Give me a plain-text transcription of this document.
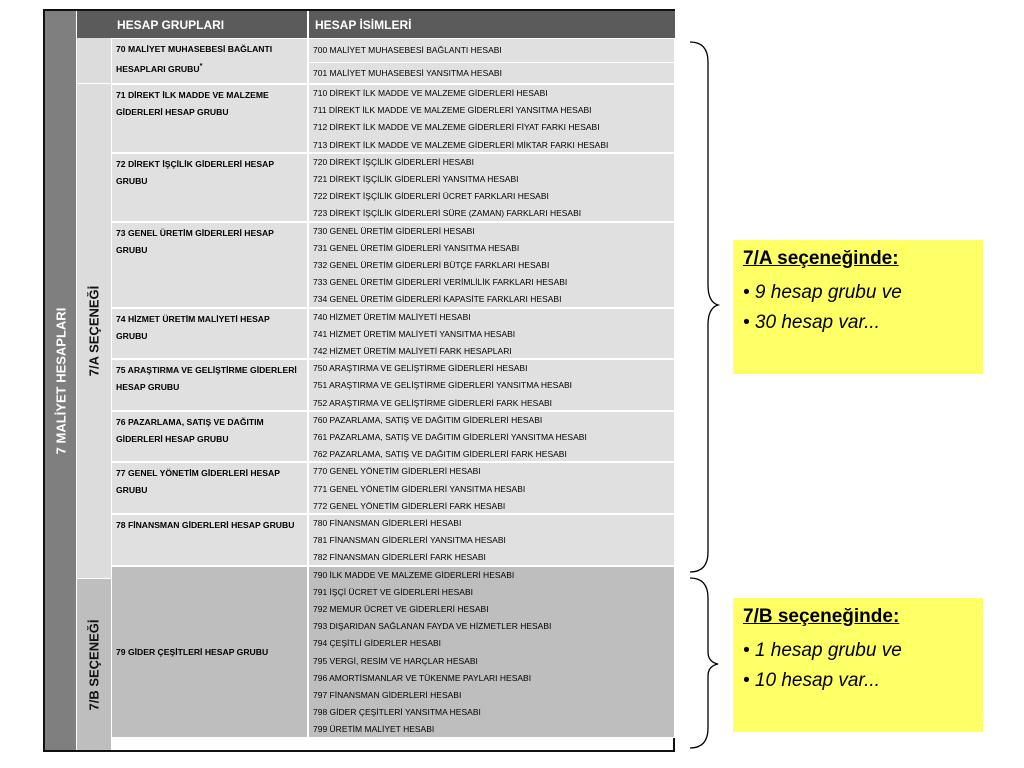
HESAP GRUPLARI	HESAP İSİMLERİ
7 MALİYET HESAPLARI 7/A SEÇENEĞİ
7/B SEÇENEĞİ
70 MALİYET MUHASEBESİ BAĞLANTI HESAPLARI GRUBU*
700 MALİYET MUHASEBESİ BAĞLANTI HESABI
701 MALİYET MUHASEBESİ YANSITMA HESABI
71 DİREKT İLK MADDE VE MALZEME GİDERLERİ HESAP GRUBU
710 DİREKT İLK MADDE VE MALZEME GİDERLERİ HESABI
711 DİREKT İLK MADDE VE MALZEME GİDERLERİ YANSITMA HESABI
712 DİREKT İLK MADDE VE MALZEME GİDERLERİ FİYAT FARKI HESABI
713 DİREKT İLK MADDE VE MALZEME GİDERLERİ MİKTAR FARKI HESABI
72 DİREKT İŞÇİLİK GİDERLERİ HESAP GRUBU
720 DİREKT İŞÇİLİK GİDERLERİ HESABI
721 DİREKT İŞÇİLİK GİDERLERİ YANSITMA HESABI
722 DİREKT İŞÇİLİK GİDERLERİ ÜCRET FARKLARI HESABI
723 DİREKT İŞÇİLİK GİDERLERİ SÜRE (ZAMAN) FARKLARI HESABI
73 GENEL ÜRETİM GİDERLERİ HESAP GRUBU
730 GENEL ÜRETİM GİDERLERİ HESABI
731 GENEL ÜRETİM GİDERLERİ YANSITMA HESABI
732 GENEL ÜRETİM GİDERLERİ BÜTÇE FARKLARI HESABI
733 GENEL ÜRETİM GİDERLERİ VERİMLİLİK FARKLARI HESABI
734 GENEL ÜRETİM GİDERLERİ KAPASİTE FARKLARI HESABI
74 HİZMET ÜRETİM MALİYETİ HESAP GRUBU
740 HİZMET ÜRETİM MALİYETİ HESABI
741 HİZMET ÜRETİM MALİYETİ YANSITMA HESABI
742 HİZMET ÜRETİM MALİYETİ FARK HESAPLARI
75 ARAŞTIRMA VE GELİŞTİRME GİDERLERİ HESAP GRUBU
750 ARAŞTIRMA VE GELİŞTİRME GİDERLERİ HESABI
751 ARAŞTIRMA VE GELİŞTİRME GİDERLERİ YANSITMA HESABI
752 ARAŞTIRMA VE GELİŞTİRME GİDERLERİ FARK HESABI
76 PAZARLAMA, SATIŞ VE DAĞITIM GİDERLERİ HESAP GRUBU
760 PAZARLAMA, SATIŞ VE DAĞITIM GİDERLERİ HESABI
761 PAZARLAMA, SATIŞ VE DAĞITIM GİDERLERİ YANSITMA HESABI
762 PAZARLAMA, SATIŞ VE DAĞITIM GİDERLERİ FARK HESABI
77 GENEL YÖNETİM GİDERLERİ HESAP GRUBU
770 GENEL YÖNETİM GİDERLERİ HESABI
771 GENEL YÖNETİM GİDERLERİ YANSITMA HESABI
772 GENEL YÖNETİM GİDERLERİ FARK HESABI
78 FİNANSMAN GİDERLERİ HESAP GRUBU	780 FİNANSMAN GİDERLERİ HESABI
781 FİNANSMAN GİDERLERİ YANSITMA HESABI
782 FİNANSMAN GİDERLERİ FARK HESABI
79 GİDER ÇEŞİTLERİ HESAP GRUBU
790 İLK MADDE VE MALZEME GİDERLERİ HESABI
791 İŞÇİ ÜCRET VE GİDERLERİ HESABI
792 MEMUR ÜCRET VE GİDERLERİ HESABI
793 DIŞARIDAN SAĞLANAN FAYDA VE HİZMETLER HESABI
794 ÇEŞİTLİ GİDERLER HESABI
795 VERGİ, RESİM VE HARÇLAR HESABI
796 AMORTİSMANLAR VE TÜKENME PAYLARI HESABI
797 FİNANSMAN GİDERLERİ HESABI
798 GİDER ÇEŞİTLERİ YANSITMA HESABI
799 ÜRETİM MALİYET HESABI
7/A seçeneğinde:
• 9 hesap grubu ve
• 30 hesap var...
7/B seçeneğinde:
• 1 hesap grubu ve
• 10 hesap var...
